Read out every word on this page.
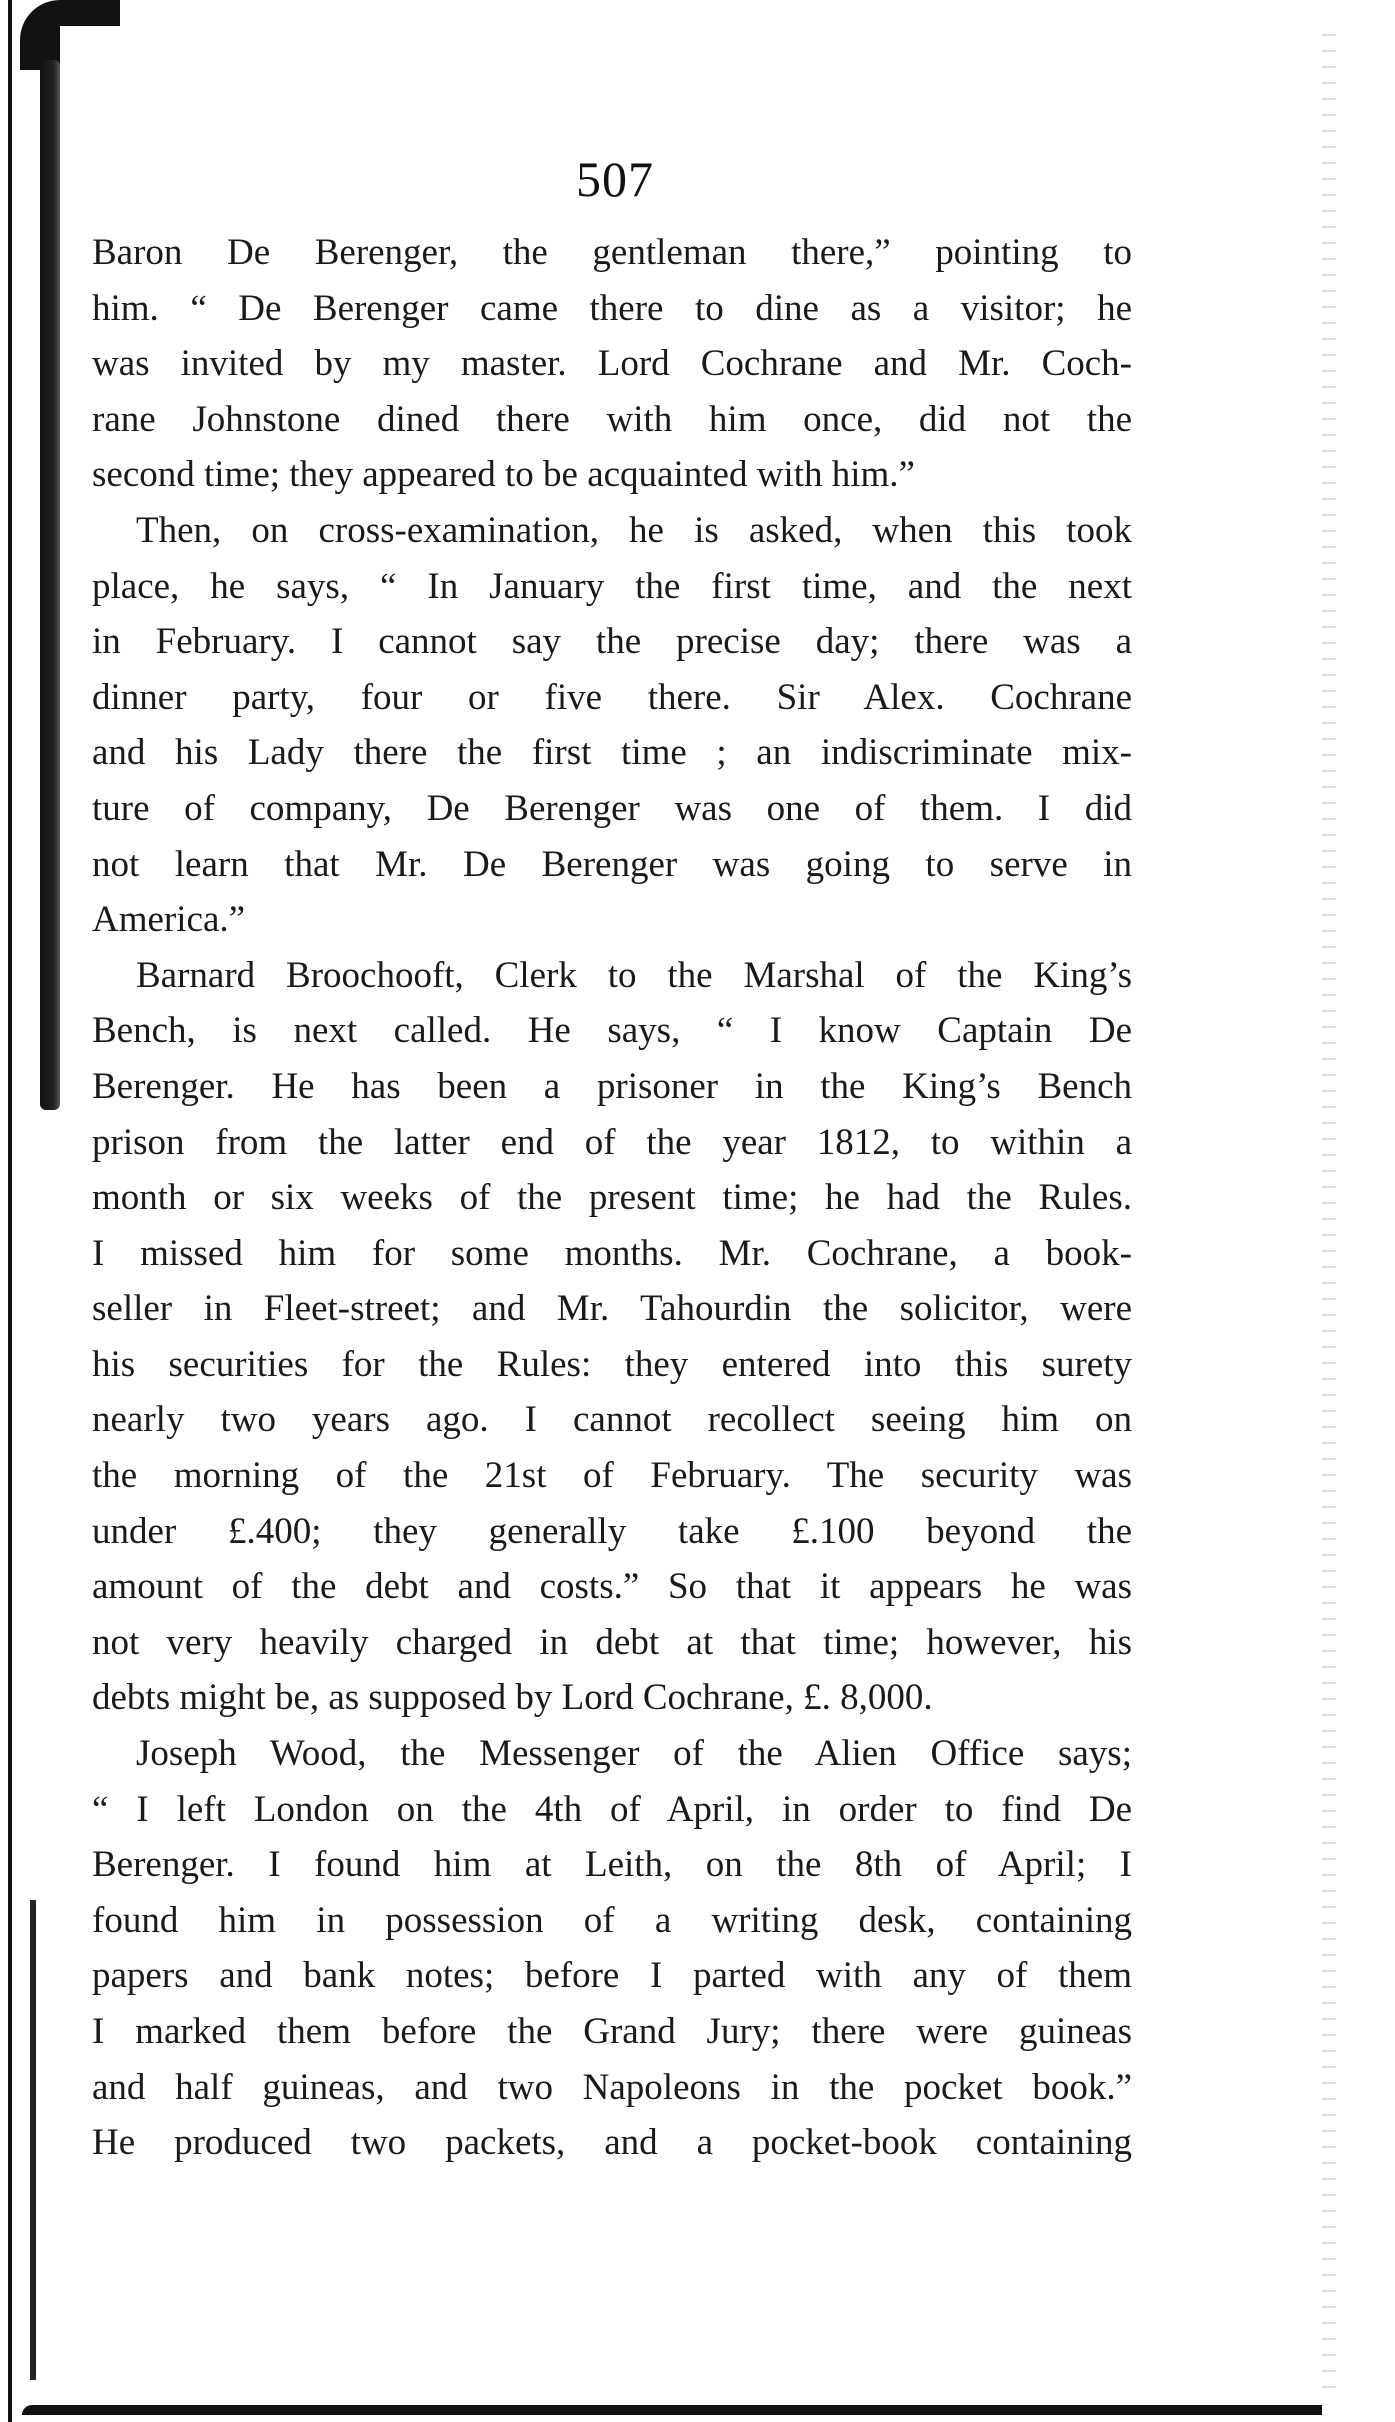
507
Baron De Berenger, the gentleman there,” pointing to
him. “ De Berenger came there to dine as a visitor; he
was invited by my master. Lord Cochrane and Mr. Coch-
rane Johnstone dined there with him once, did not the
second time; they appeared to be acquainted with him.”
Then, on cross-examination, he is asked, when this took
place, he says, “ In January the first time, and the next
in February. I cannot say the precise day; there was a
dinner party, four or five there. Sir Alex. Cochrane
and his Lady there the first time ; an indiscriminate mix-
ture of company, De Berenger was one of them. I did
not learn that Mr. De Berenger was going to serve in
America.”
Barnard Broochooft, Clerk to the Marshal of the King’s
Bench, is next called. He says, “ I know Captain De
Berenger. He has been a prisoner in the King’s Bench
prison from the latter end of the year 1812, to within a
month or six weeks of the present time; he had the Rules.
I missed him for some months. Mr. Cochrane, a book-
seller in Fleet-street; and Mr. Tahourdin the solicitor, were
his securities for the Rules: they entered into this surety
nearly two years ago. I cannot recollect seeing him on
the morning of the 21st of February. The security was
under £.400; they generally take £.100 beyond the
amount of the debt and costs.” So that it appears he was
not very heavily charged in debt at that time; however, his
debts might be, as supposed by Lord Cochrane, £. 8,000.
Joseph Wood, the Messenger of the Alien Office says;
“ I left London on the 4th of April, in order to find De
Berenger. I found him at Leith, on the 8th of April; I
found him in possession of a writing desk, containing
papers and bank notes; before I parted with any of them
I marked them before the Grand Jury; there were guineas
and half guineas, and two Napoleons in the pocket book.”
He produced two packets, and a pocket-book containing
